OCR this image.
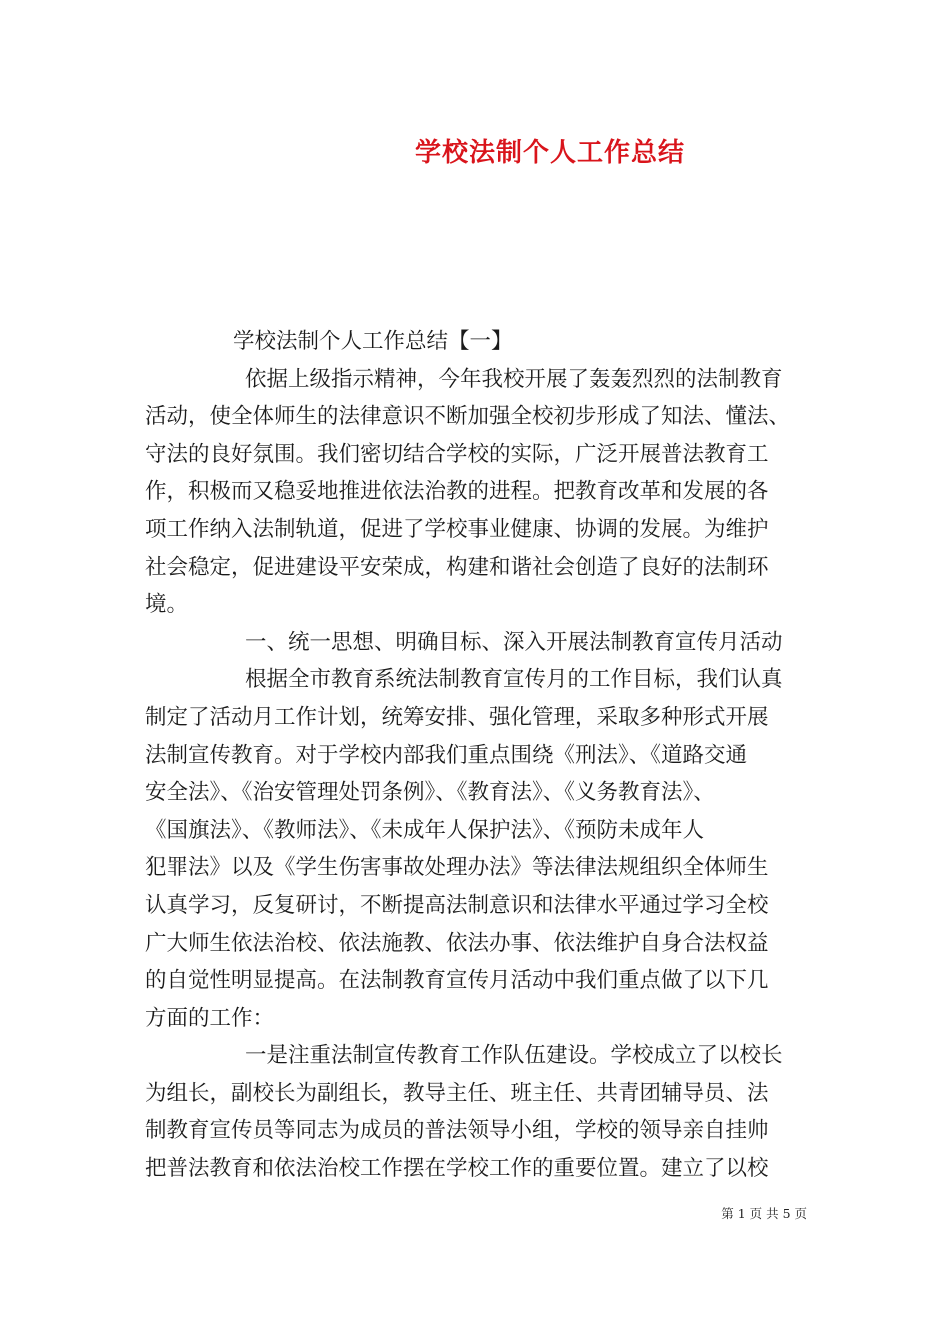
学校法制个人工作总结
学校法制个人工作总结【一】
依据上级指示精神，今年我校开展了轰轰烈烈的法制教育
活动，使全体师生的法律意识不断加强全校初步形成了知法、懂法、
守法的良好氛围。我们密切结合学校的实际，广泛开展普法教育工
作，积极而又稳妥地推进依法治教的进程。把教育改革和发展的各
项工作纳入法制轨道，促进了学校事业健康、协调的发展。为维护
社会稳定，促进建设平安荣成，构建和谐社会创造了良好的法制环
境。
一、统一思想、明确目标、深入开展法制教育宣传月活动
根据全市教育系统法制教育宣传月的工作目标，我们认真
制定了活动月工作计划，统筹安排、强化管理，采取多种形式开展
法制宣传教育。对于学校内部我们重点围绕《刑法》、《道路交通
安全法》、《治安管理处罚条例》、《教育法》、《义务教育法》、
《国旗法》、《教师法》、《未成年人保护法》、《预防未成年人
犯罪法》以及《学生伤害事故处理办法》等法律法规组织全体师生
认真学习，反复研讨，不断提高法制意识和法律水平通过学习全校
广大师生依法治校、依法施教、依法办事、依法维护自身合法权益
的自觉性明显提高。在法制教育宣传月活动中我们重点做了以下几
方面的工作：
一是注重法制宣传教育工作队伍建设。学校成立了以校长
为组长，副校长为副组长，教导主任、班主任、共青团辅导员、法
制教育宣传员等同志为成员的普法领导小组，学校的领导亲自挂帅
把普法教育和依法治校工作摆在学校工作的重要位置。建立了以校
第 1 页 共 5 页
